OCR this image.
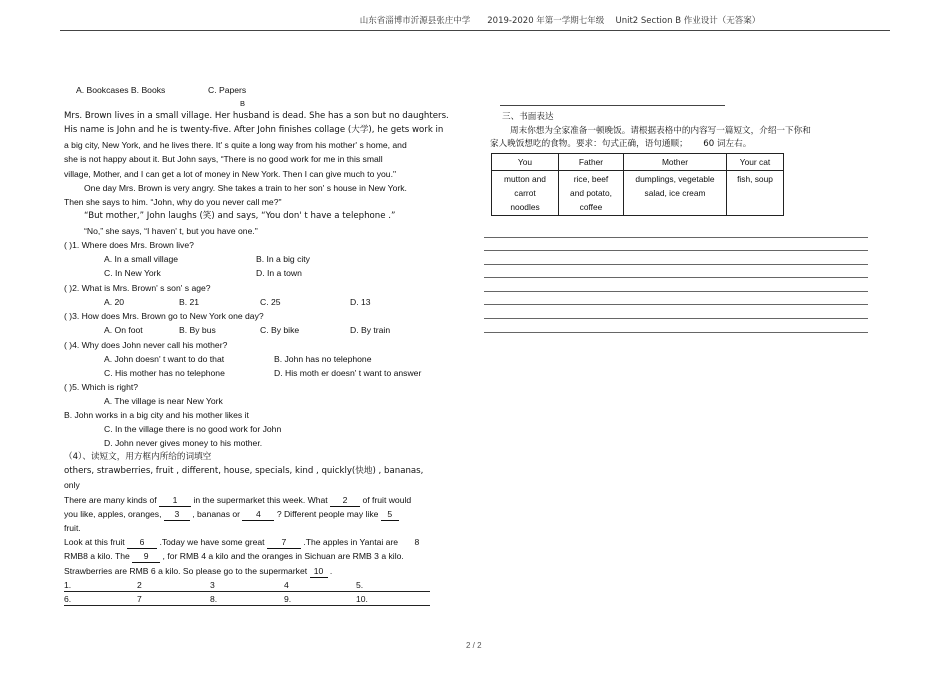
山东省淄博市沂源县张庄中学　　2019-2020 年第一学期七年级　 Unit2 Section B 作业设计（无答案）
A. Bookcases B. Books	C. Papers
B
Mrs. Brown lives in a small village. Her husband is dead. She has a son but no daughters.
His name is John and he is twenty-five. After John finishes collage (大学), he gets work in
a big city, New York, and he lives there. It' s quite a long way from his mother' s home, and
she is not happy about it. But John says, “There is no good work for me in this small
village, Mother, and I can get a lot of money in New York. Then I can give much to you."
One day Mrs. Brown is very angry. She takes a train to her son' s house in New York.
Then she says to him. “John, why do you never call me?"
“But mother,” John laughs (笑) and says, “You don' t have a telephone .”
“No,” she says, “I haven' t, but you have one."
( )1. Where does Mrs. Brown live?
A. In a small village	B. In a big city
C. In New York	D. In a town
( )2. What is Mrs. Brown' s son' s age?
A. 20	B. 21	C. 25	D. 13
( )3. How does Mrs. Brown go to New York one day?
A. On foot	B. By bus	C. By bike	D. By train
( )4. Why does John never call his mother?
A. John doesn' t want to do that	B. John has no telephone
C. His mother has no telephone	D. His moth er doesn' t want to answer
( )5. Which is right?
A. The village is near New York
B. John works in a big city and his mother likes it
C. In the village there is no good work for John
D. John never gives money to his mother.
（4）、读短文，用方框内所给的词填空
others, strawberries, fruit , different, house, specials, kind , quickly(快地) , bananas,
only
There are many kinds of 1 in the supermarket this week. What 2 of fruit would
you like, apples, oranges, 3 , bananas or 4 ? Different people may like 5
fruit.
Look at this fruit 6 .Today we have some great 7 .The apples in Yantai are 8
RMB8 a kilo. The 9 , for RMB 4 a kilo and the oranges in Sichuan are RMB 3 a kilo.
Strawberries are RMB 6 a kilo. So please go to the supermarket 10 .
1.	2	3	4	5.
6.	7	8.	9.	10.
三、书面表达
周末你想为全家准备一顿晚饭。请根据表格中的内容写一篇短文，介绍一下你和
家人晚饭想吃的食物。要求：句式正确，语句通顺；　　 60 词左右。
You	Father	Mother	Your cat
mutton and
carrot
noodles	rice, beef
and potato,
coffee	dumplings, vegetable
salad, ice cream	fish, soup
2 / 2
